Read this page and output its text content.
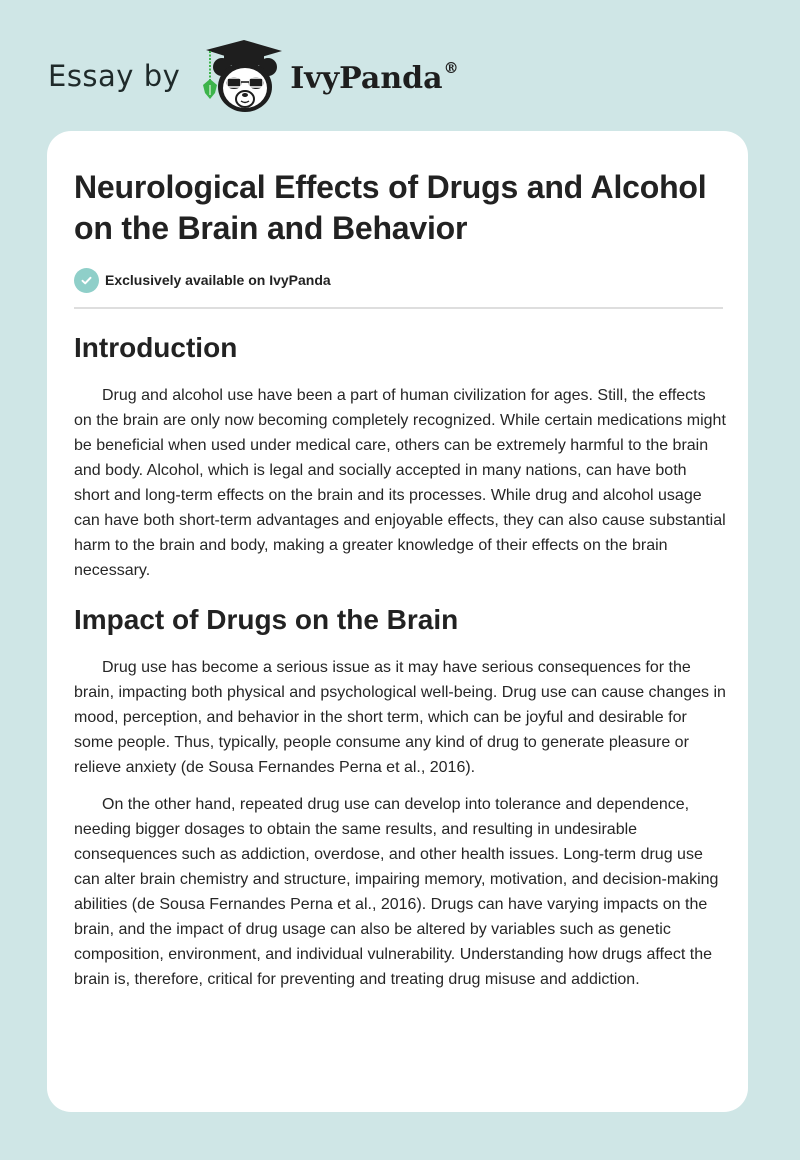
Essay by	IvyPanda®
Neurological Effects of Drugs and Alcohol on the Brain and Behavior
Exclusively available on IvyPanda
Introduction

Drug and alcohol use have been a part of human civilization for ages. Still, the effects on the brain are only now becoming completely recognized. While certain medications might be beneficial when used under medical care, others can be extremely harmful to the brain and body. Alcohol, which is legal and socially accepted in many nations, can have both short and long-term effects on the brain and its processes. While drug and alcohol usage can have both short-term advantages and enjoyable effects, they can also cause substantial harm to the brain and body, making a greater knowledge of their effects on the brain necessary.

Impact of Drugs on the Brain

Drug use has become a serious issue as it may have serious consequences for the brain, impacting both physical and psychological well-being. Drug use can cause changes in mood, perception, and behavior in the short term, which can be joyful and desirable for some people. Thus, typically, people consume any kind of drug to generate pleasure or relieve anxiety (de Sousa Fernandes Perna et al., 2016).

On the other hand, repeated drug use can develop into tolerance and dependence, needing bigger dosages to obtain the same results, and resulting in undesirable consequences such as addiction, overdose, and other health issues. Long-term drug use can alter brain chemistry and structure, impairing memory, motivation, and decision-making abilities (de Sousa Fernandes Perna et al., 2016). Drugs can have varying impacts on the brain, and the impact of drug usage can also be altered by variables such as genetic composition, environment, and individual vulnerability. Understanding how drugs affect the brain is, therefore, critical for preventing and treating drug misuse and addiction.
